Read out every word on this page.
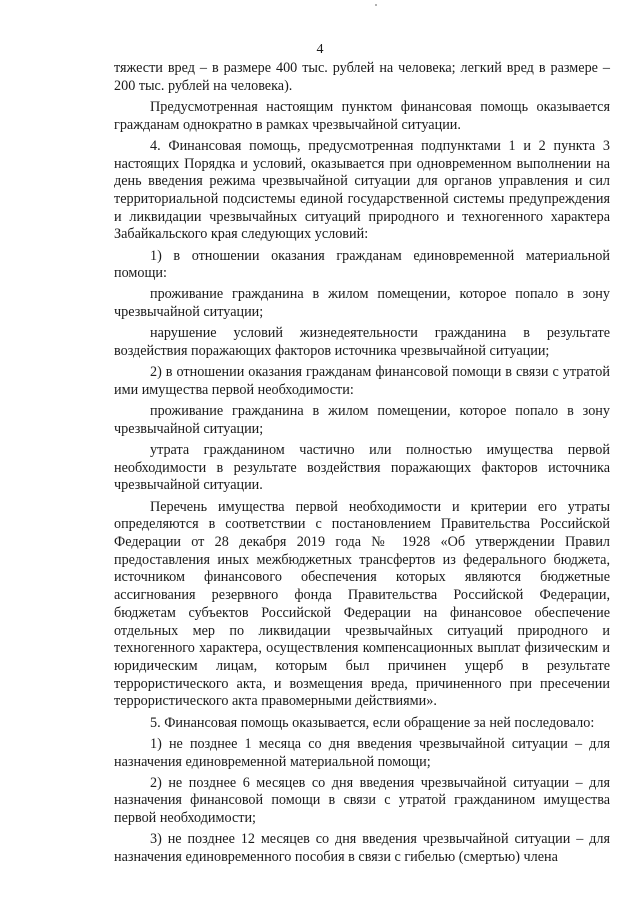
4

тяжести вред – в размере 400 тыс. рублей на человека; легкий вред в размере – 200 тыс. рублей на человека).

Предусмотренная настоящим пунктом финансовая помощь оказывается гражданам однократно в рамках чрезвычайной ситуации.

4. Финансовая помощь, предусмотренная подпунктами 1 и 2 пункта 3 настоящих Порядка и условий, оказывается при одновременном выполнении на день введения режима чрезвычайной ситуации для органов управления и сил территориальной подсистемы единой государственной системы предупреждения и ликвидации чрезвычайных ситуаций природного и техногенного характера Забайкальского края следующих условий:

1) в отношении оказания гражданам единовременной материальной помощи:

проживание гражданина в жилом помещении, которое попало в зону чрезвычайной ситуации;

нарушение условий жизнедеятельности гражданина в результате воздействия поражающих факторов источника чрезвычайной ситуации;

2) в отношении оказания гражданам финансовой помощи в связи с утратой ими имущества первой необходимости:

проживание гражданина в жилом помещении, которое попало в зону чрезвычайной ситуации;

утрата гражданином частично или полностью имущества первой необходимости в результате воздействия поражающих факторов источника чрезвычайной ситуации.

Перечень имущества первой необходимости и критерии его утраты определяются в соответствии с постановлением Правительства Российской Федерации от 28 декабря 2019 года № 1928 «Об утверждении Правил предоставления иных межбюджетных трансфертов из федерального бюджета, источником финансового обеспечения которых являются бюджетные ассигнования резервного фонда Правительства Российской Федерации, бюджетам субъектов Российской Федерации на финансовое обеспечение отдельных мер по ликвидации чрезвычайных ситуаций природного и техногенного характера, осуществления компенсационных выплат физическим и юридическим лицам, которым был причинен ущерб в результате террористического акта, и возмещения вреда, причиненного при пресечении террористического акта правомерными действиями».

5. Финансовая помощь оказывается, если обращение за ней последовало:

1) не позднее 1 месяца со дня введения чрезвычайной ситуации – для назначения единовременной материальной помощи;

2) не позднее 6 месяцев со дня введения чрезвычайной ситуации – для назначения финансовой помощи в связи с утратой гражданином имущества первой необходимости;

3) не позднее 12 месяцев со дня введения чрезвычайной ситуации – для назначения единовременного пособия в связи с гибелью (смертью) члена
